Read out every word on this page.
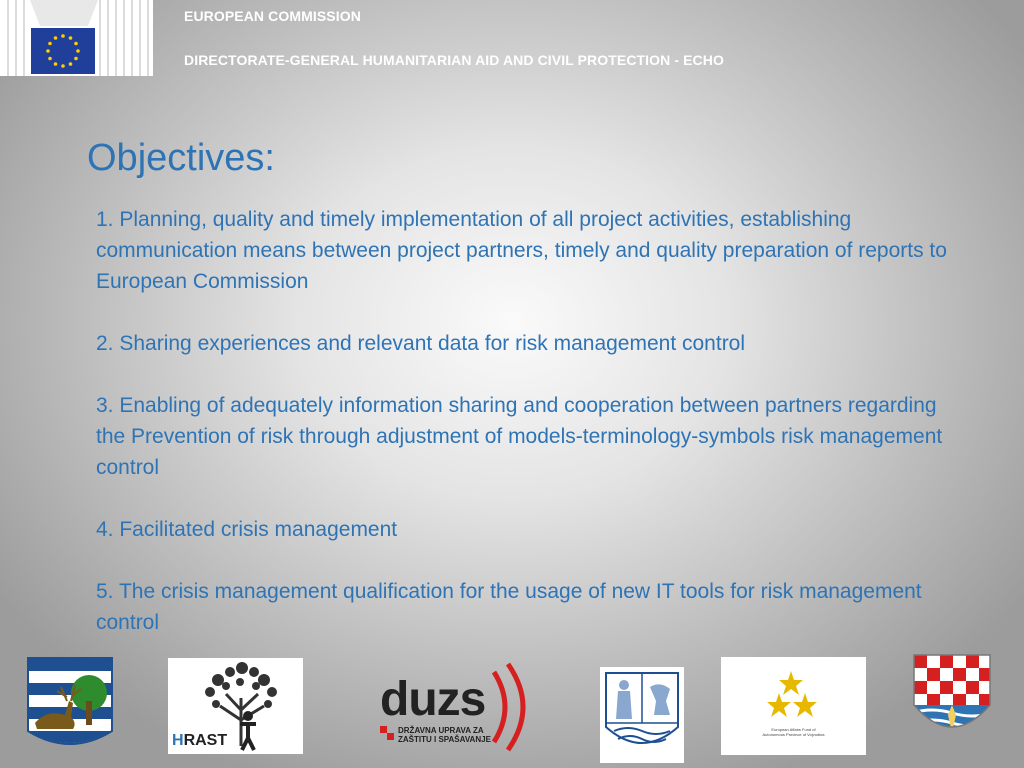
EUROPEAN COMMISSION
DIRECTORATE-GENERAL HUMANITARIAN AID AND CIVIL PROTECTION - ECHO
Objectives:

1. Planning, quality and timely implementation of all project activities, establishing communication means between project partners, timely and quality preparation of reports to European Commission

2. Sharing experiences and relevant data for risk management control

3. Enabling of adequately information sharing and cooperation between partners regarding the Prevention of risk through adjustment of models-terminology-symbols risk management control

4. Facilitated crisis management

5. The crisis management qualification for the usage of new IT tools for risk management control

HRAST
duzs
DRŽAVNA UPRAVA ZA
ZAŠTITU I SPAŠAVANJE
European Affairs Fund of
Autonomous Province of Vojvodina
